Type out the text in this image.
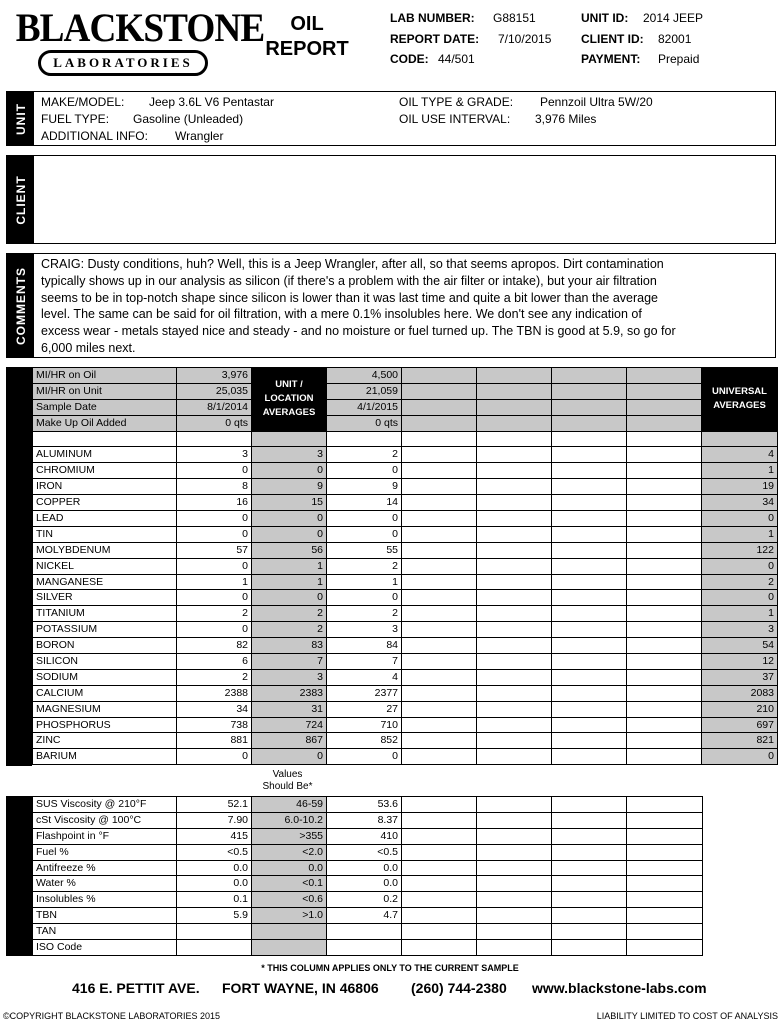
BLACKSTONE
LABORATORIES
OIL
REPORT
LAB NUMBER: G88151
REPORT DATE: 7/10/2015
CODE: 44/501
UNIT ID: 2014 JEEP
CLIENT ID: 82001
PAYMENT: Prepaid
UNIT
MAKE/MODEL: Jeep 3.6L V6 Pentastar
FUEL TYPE: Gasoline (Unleaded)
ADDITIONAL INFO: Wrangler
OIL TYPE & GRADE: Pennzoil Ultra 5W/20
OIL USE INTERVAL: 3,976 Miles
CLIENT
COMMENTS
CRAIG: Dusty conditions, huh? Well, this is a Jeep Wrangler, after all, so that seems apropos. Dirt contamination typically shows up in our analysis as silicon (if there's a problem with the air filter or intake), but your air filtration seems to be in top-notch shape since silicon is lower than it was last time and quite a bit lower than the average level. The same can be said for oil filtration, with a mere 0.1% insolubles here. We don't see any indication of excess wear - metals stayed nice and steady - and no moisture or fuel turned up. The TBN is good at 5.9, so go for 6,000 miles next.
ELEMENTS IN PARTS PER MILLION
MI/HR on Oil	3,976	UNIT / LOCATION AVERAGES	4,500					UNIVERSAL AVERAGES
MI/HR on Unit	25,035		21,059					
Sample Date	8/1/2014		4/1/2015					
Make Up Oil Added	0 qts		0 qts					

ALUMINUM	3	3	2					4
CHROMIUM	0	0	0					1
IRON	8	9	9					19
COPPER	16	15	14					34
LEAD	0	0	0					0
TIN	0	0	0					1
MOLYBDENUM	57	56	55					122
NICKEL	0	1	2					0
MANGANESE	1	1	1					2
SILVER	0	0	0					0
TITANIUM	2	2	2					1
POTASSIUM	0	2	3					3
BORON	82	83	84					54
SILICON	6	7	7					12
SODIUM	2	3	4					37
CALCIUM	2388	2383	2377					2083
MAGNESIUM	34	31	27					210
PHOSPHORUS	738	724	710					697
ZINC	881	867	852					821
BARIUM	0	0	0					0
Values
Should Be*
PROPERTIES
SUS Viscosity @ 210°F	52.1	46-59	53.6				
cSt Viscosity @ 100°C	7.90	6.0-10.2	8.37				
Flashpoint in °F	415	>355	410				
Fuel %	<0.5	<2.0	<0.5				
Antifreeze %	0.0	0.0	0.0				
Water %	0.0	<0.1	0.0				
Insolubles %	0.1	<0.6	0.2				
TBN	5.9	>1.0	4.7				
TAN							
ISO Code							
* THIS COLUMN APPLIES ONLY TO THE CURRENT SAMPLE
416 E. PETTIT AVE. FORT WAYNE, IN 46806 (260) 744-2380 www.blackstone-labs.com
©COPYRIGHT BLACKSTONE LABORATORIES 2015	LIABILITY LIMITED TO COST OF ANALYSIS
